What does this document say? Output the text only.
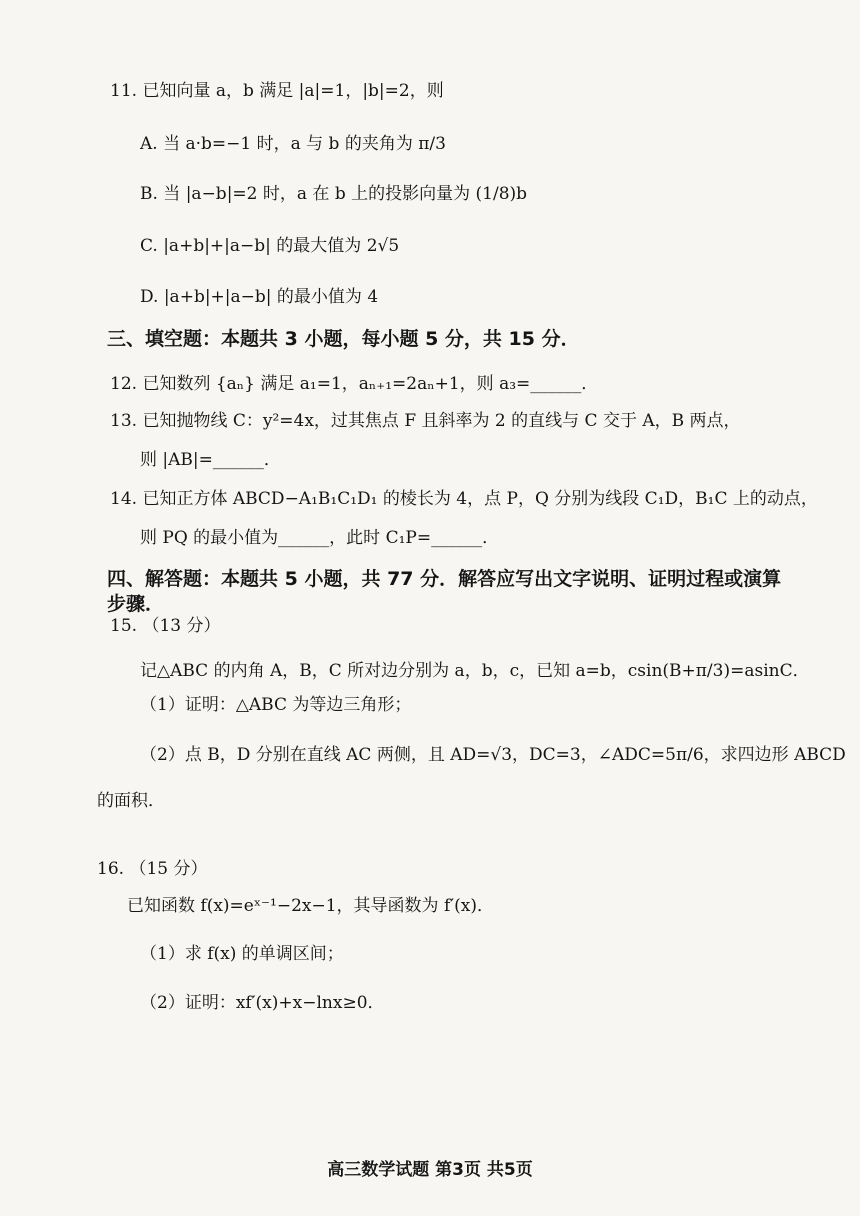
11. 已知向量 a，b 满足 |a|=1，|b|=2，则
A. 当 a·b=−1 时，a 与 b 的夹角为 π/3
B. 当 |a−b|=2 时，a 在 b 上的投影向量为 (1/8)b
C. |a+b|+|a−b| 的最大值为 2√5
D. |a+b|+|a−b| 的最小值为 4
三、填空题：本题共 3 小题，每小题 5 分，共 15 分．
12. 已知数列 {aₙ} 满足 a₁=1，aₙ₊₁=2aₙ+1，则 a₃=______．
13. 已知抛物线 C：y²=4x，过其焦点 F 且斜率为 2 的直线与 C 交于 A，B 两点，
则 |AB|=______．
14. 已知正方体 ABCD−A₁B₁C₁D₁ 的棱长为 4，点 P，Q 分别为线段 C₁D，B₁C 上的动点，
则 PQ 的最小值为______，此时 C₁P=______．
四、解答题：本题共 5 小题，共 77 分．解答应写出文字说明、证明过程或演算
步骤．
15. （13 分）
记△ABC 的内角 A，B，C 所对边分别为 a，b，c，已知 a=b，csin(B+π/3)=asinC．
（1）证明：△ABC 为等边三角形；
（2）点 B，D 分别在直线 AC 两侧，且 AD=√3，DC=3，∠ADC=5π/6，求四边形 ABCD
的面积．
16. （15 分）
已知函数 f(x)=eˣ⁻¹−2x−1，其导函数为 f′(x)．
（1）求 f(x) 的单调区间；
（2）证明：xf′(x)+x−lnx≥0．
高三数学试题 第3页 共5页
